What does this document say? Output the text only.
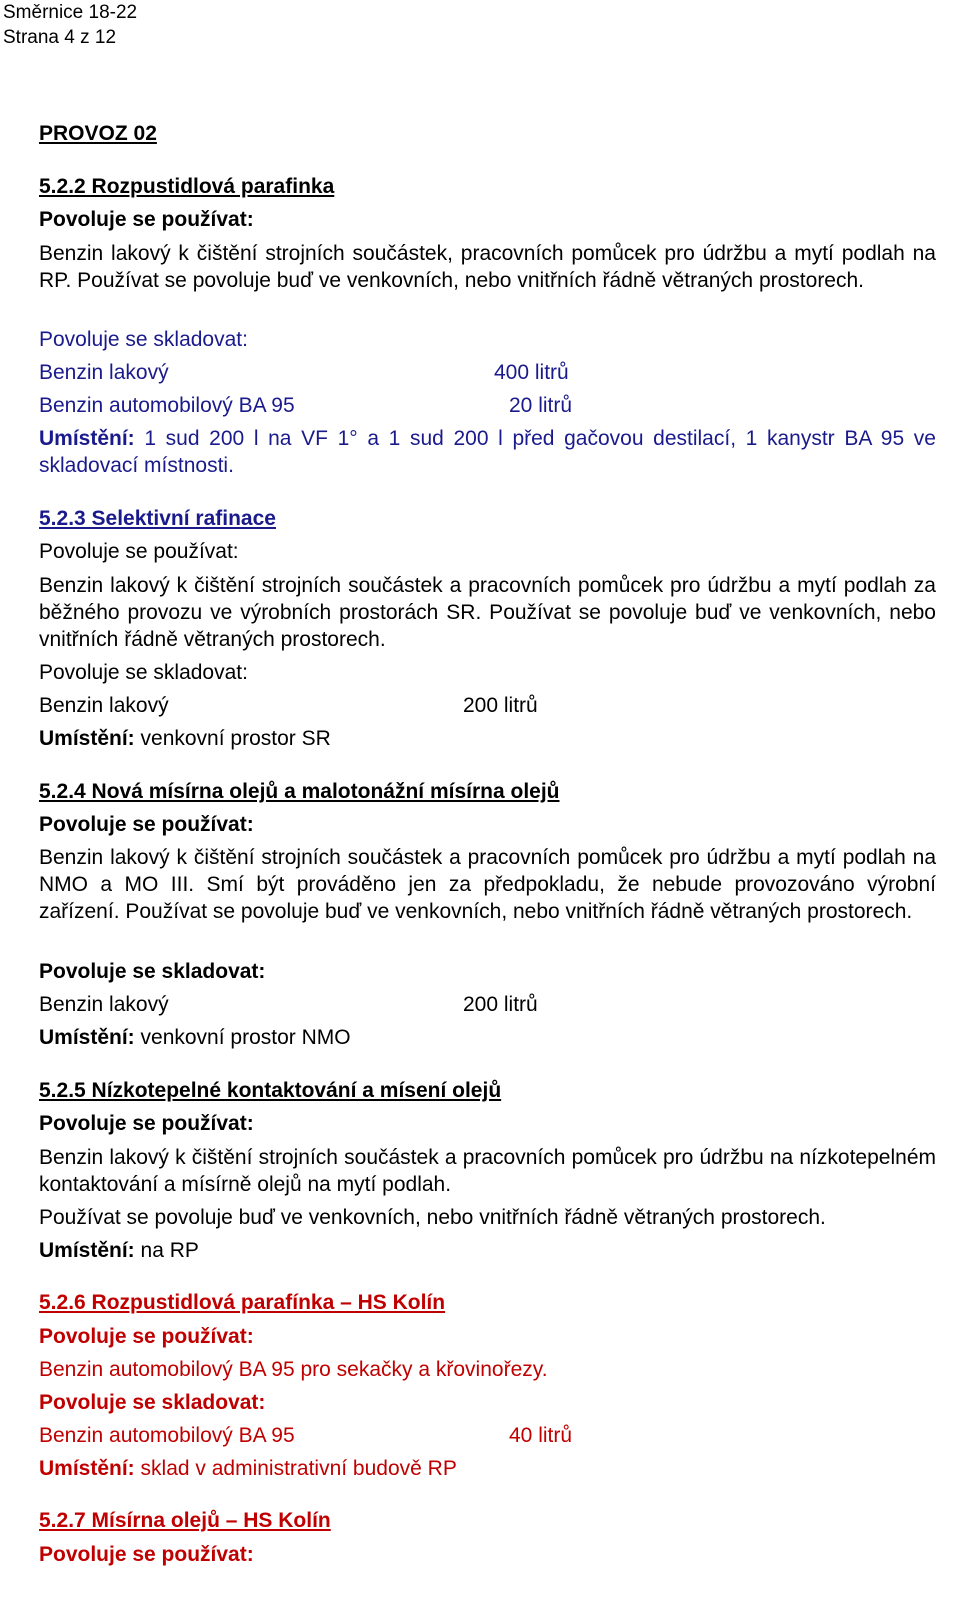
Směrnice 18-22
Strana 4 z 12
PROVOZ 02
5.2.2 Rozpustidlová parafinka
Povoluje se používat:
Benzin lakový k čištění strojních součástek, pracovních pomůcek pro údržbu a mytí podlah na RP. Používat se povoluje buď ve venkovních, nebo vnitřních řádně větraných prostorech.
Povoluje se skladovat:
Benzin lakový	400 litrů
Benzin automobilový BA 95	20 litrů
Umístění: 1 sud 200 l na VF 1° a 1 sud 200 l před gačovou destilací, 1 kanystr BA 95 ve skladovací místnosti.
5.2.3 Selektivní rafinace
Povoluje se používat:
Benzin lakový k čištění strojních součástek a pracovních pomůcek pro údržbu a mytí podlah za běžného provozu ve výrobních prostorách SR. Používat se povoluje buď ve venkovních, nebo vnitřních řádně větraných prostorech.
Povoluje se skladovat:
Benzin lakový	200 litrů
Umístění: venkovní prostor SR
5.2.4 Nová mísírna olejů a malotonážní mísírna olejů
Povoluje se používat:
Benzin lakový k čištění strojních součástek a pracovních pomůcek pro údržbu a mytí podlah na NMO a MO III. Smí být prováděno jen za předpokladu, že nebude provozováno výrobní zařízení. Používat se povoluje buď ve venkovních, nebo vnitřních řádně větraných prostorech.
Povoluje se skladovat:
Benzin lakový	200 litrů
Umístění: venkovní prostor NMO
5.2.5 Nízkotepelné kontaktování a mísení olejů
Povoluje se používat:
Benzin lakový k čištění strojních součástek a pracovních pomůcek pro údržbu na nízkotepelném kontaktování a mísírně olejů na mytí podlah.
Používat se povoluje buď ve venkovních, nebo vnitřních řádně větraných prostorech.
Umístění: na RP
5.2.6 Rozpustidlová parafínka – HS Kolín
Povoluje se používat:
Benzin automobilový BA 95 pro sekačky a křovinořezy.
Povoluje se skladovat:
Benzin automobilový BA 95	40 litrů
Umístění: sklad v administrativní budově RP
5.2.7 Mísírna olejů – HS Kolín
Povoluje se používat:
